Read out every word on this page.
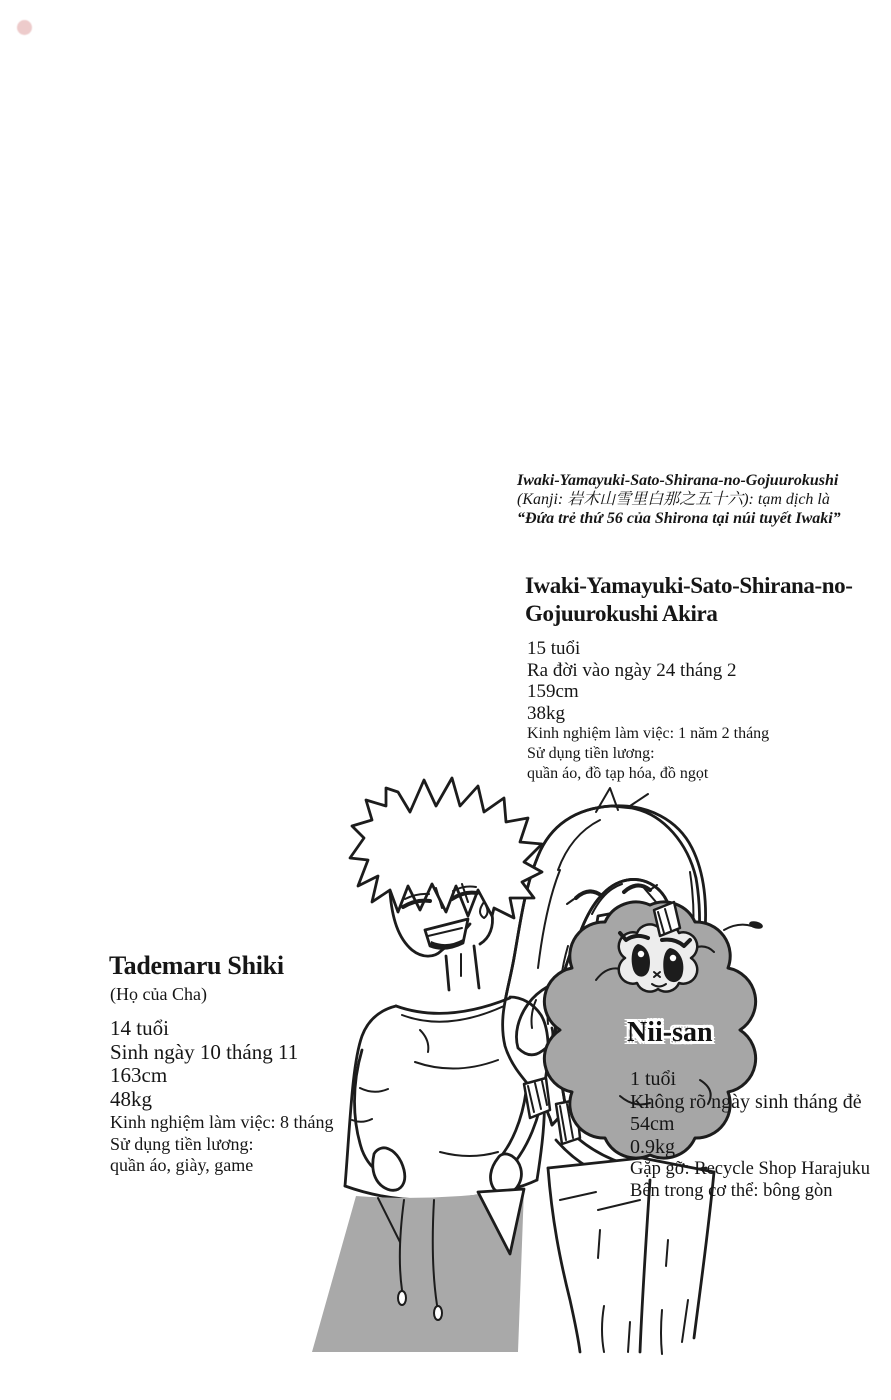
Iwaki-Yamayuki-Sato-Shirana-no-Gojuurokushi
(Kanji: 岩木山雪里白那之五十六): tạm dịch là
“Đứa trẻ thứ 56 của Shirona tại núi tuyết Iwaki”
Iwaki-Yamayuki-Sato-Shirana-no-
Gojuurokushi Akira
15 tuổi
Ra đời vào ngày 24 tháng 2
159cm
38kg
Kinh nghiệm làm việc: 1 năm 2 tháng
Sử dụng tiền lương:
quần áo, đồ tạp hóa, đồ ngọt
Tademaru Shiki
(Họ của Cha)
14 tuổi
Sinh ngày 10 tháng 11
163cm
48kg
Kinh nghiệm làm việc: 8 tháng
Sử dụng tiền lương:
quần áo, giày, game
Nii-san
1 tuổi
Không rõ ngày sinh tháng đẻ
54cm
0.9kg
Gặp gỡ: Recycle Shop Harajuku
Bên trong cơ thể: bông gòn
